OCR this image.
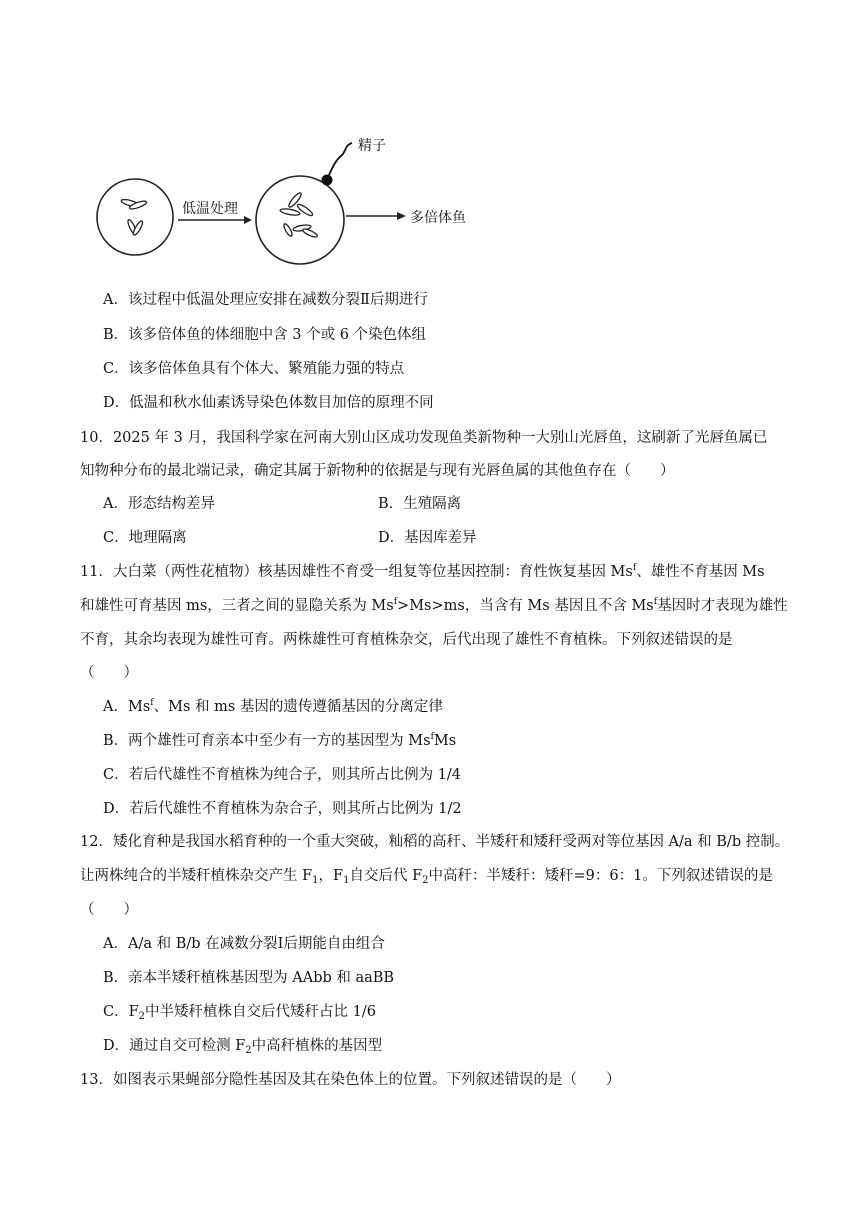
低温处理
精子
多倍体鱼
A．该过程中低温处理应安排在减数分裂Ⅱ后期进行
B．该多倍体鱼的体细胞中含 3 个或 6 个染色体组
C．该多倍体鱼具有个体大、繁殖能力强的特点
D．低温和秋水仙素诱导染色体数目加倍的原理不同
10．2025 年 3 月，我国科学家在河南大别山区成功发现鱼类新物种一大别山光唇鱼，这刷新了光唇鱼属已
知物种分布的最北端记录，确定其属于新物种的依据是与现有光唇鱼属的其他鱼存在（　　）
A．形态结构差异	B．生殖隔离
C．地理隔离	D．基因库差异
11．大白菜（两性花植物）核基因雄性不育受一组复等位基因控制：育性恢复基因 Ms$^f$、雄性不育基因 Ms
和雄性可育基因 ms，三者之间的显隐关系为 $Ms^f>Ms>ms$，当含有 Ms 基因且不含 Ms$^f$基因时才表现为雄性
不育，其余均表现为雄性可育。两株雄性可育植株杂交，后代出现了雄性不育植株。下列叙述错误的是
（　　）
A．Ms$^f$、Ms 和 ms 基因的遗传遵循基因的分离定律
B．两个雄性可育亲本中至少有一方的基因型为 Ms$^f$Ms
C．若后代雄性不育植株为纯合子，则其所占比例为 1/4
D．若后代雄性不育植株为杂合子，则其所占比例为 1/2
12．矮化育种是我国水稻育种的一个重大突破，籼稻的高秆、半矮秆和矮秆受两对等位基因 A/a 和 B/b 控制。
让两株纯合的半矮秆植株杂交产生 $F_1$，$F_1$自交后代 $F_2$中高秆：半矮秆：矮秆=9：6：1。下列叙述错误的是
（　　）
A．A/a 和 B/b 在减数分裂Ⅰ后期能自由组合
B．亲本半矮秆植株基因型为 AAbb 和 aaBB
C．$F_2$中半矮秆植株自交后代矮秆占比 1/6
D．通过自交可检测 $F_2$中高秆植株的基因型
13．如图表示果蝇部分隐性基因及其在染色体上的位置。下列叙述错误的是（　　）
